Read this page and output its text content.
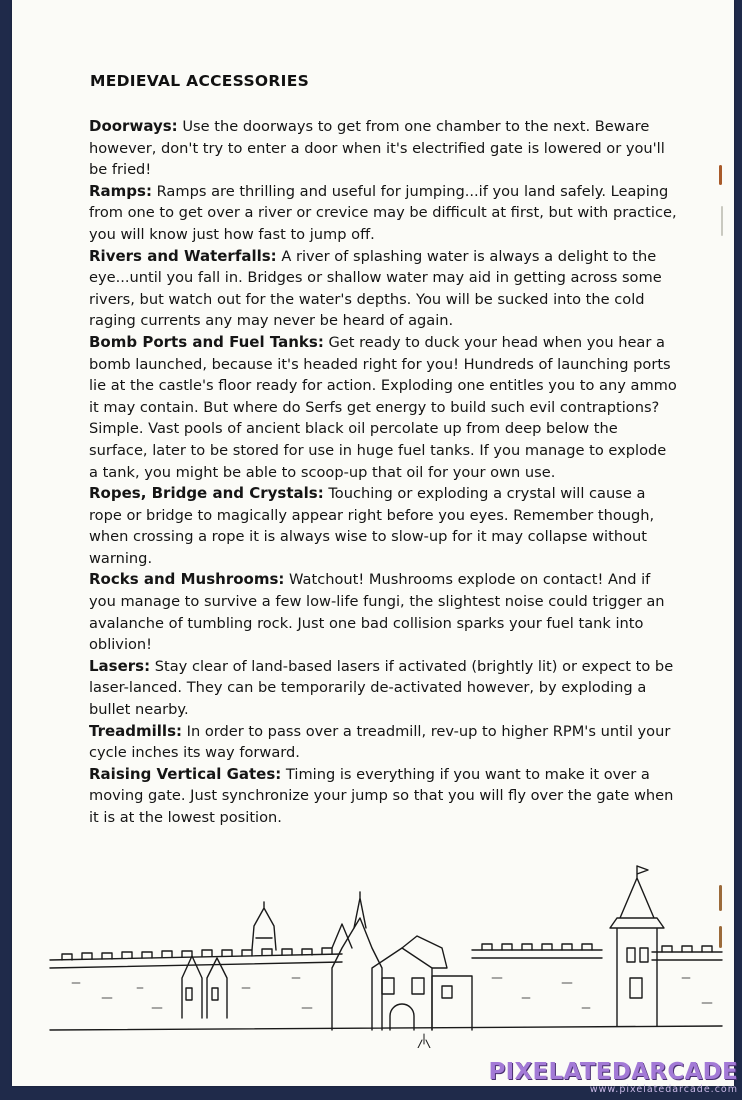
MEDIEVAL ACCESSORIES

Doorways: Use the doorways to get from one chamber to the next. Beware however, don't try to enter a door when it's electrified gate is lowered or you'll be fried!

Ramps: Ramps are thrilling and useful for jumping...if you land safely. Leaping from one to get over a river or crevice may be difficult at first, but with practice, you will know just how fast to jump off.

Rivers and Waterfalls: A river of splashing water is always a delight to the eye...until you fall in. Bridges or shallow water may aid in getting across some rivers, but watch out for the water's depths. You will be sucked into the cold raging currents any may never be heard of again.

Bomb Ports and Fuel Tanks: Get ready to duck your head when you hear a bomb launched, because it's headed right for you! Hundreds of launching ports lie at the castle's floor ready for action. Exploding one entitles you to any ammo it may contain. But where do Serfs get energy to build such evil contraptions? Simple. Vast pools of ancient black oil percolate up from deep below the surface, later to be stored for use in huge fuel tanks. If you manage to explode a tank, you might be able to scoop-up that oil for your own use.

Ropes, Bridge and Crystals: Touching or exploding a crystal will cause a rope or bridge to magically appear right before you eyes. Remember though, when crossing a rope it is always wise to slow-up for it may collapse without warning.

Rocks and Mushrooms: Watchout! Mushrooms explode on contact! And if you manage to survive a few low-life fungi, the slightest noise could trigger an avalanche of tumbling rock. Just one bad collision sparks your fuel tank into oblivion!

Lasers: Stay clear of land-based lasers if activated (brightly lit) or expect to be laser-lanced. They can be temporarily de-activated however, by exploding a bullet nearby.

Treadmills: In order to pass over a treadmill, rev-up to higher RPM's until your cycle inches its way forward.

Raising Vertical Gates: Timing is everything if you want to make it over a moving gate. Just synchronize your jump so that you will fly over the gate when it is at the lowest position.

PIXELATEDARCADE
www.pixelatedarcade.com
